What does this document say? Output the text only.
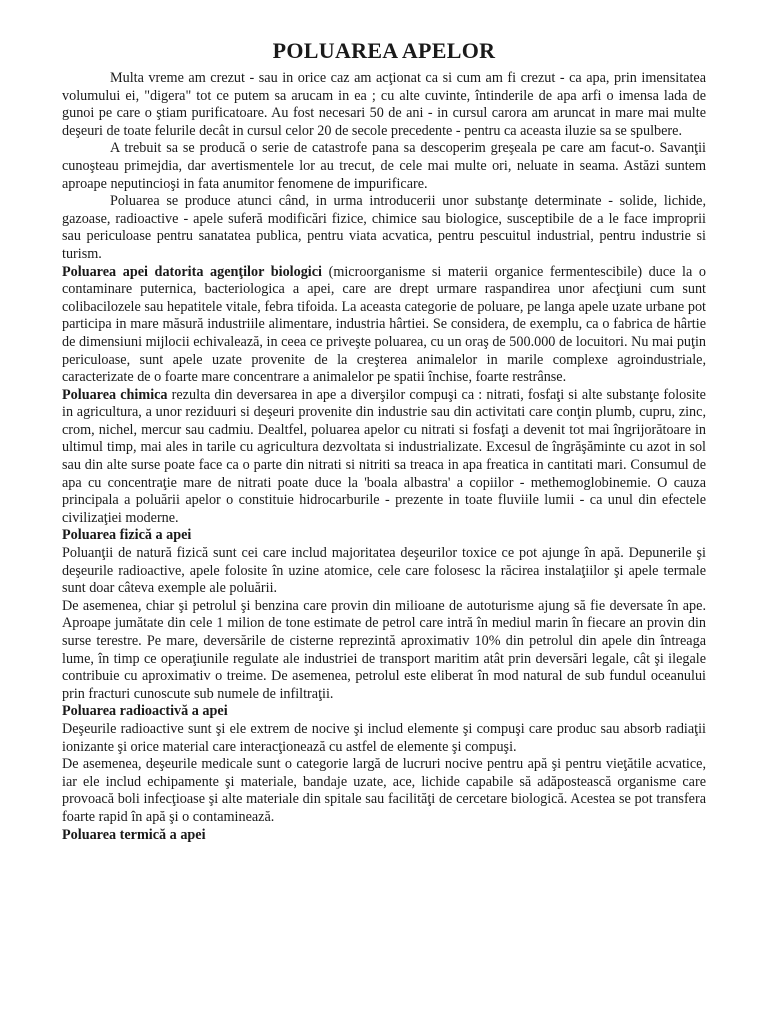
POLUAREA APELOR
Multa vreme am crezut - sau in orice caz am acţionat ca si cum am fi crezut - ca apa, prin imensitatea volumului ei, "digera" tot ce putem sa arucam in ea ; cu alte cuvinte, întinderile de apa arfi o imensa lada de gunoi pe care o ştiam purificatoare. Au fost necesari 50 de ani - in cursul carora am aruncat in mare mai multe deşeuri de toate felurile decât in cursul celor 20 de secole precedente - pentru ca aceasta iluzie sa se spulbere.
A trebuit sa se producă o serie de catastrofe pana sa descoperim greşeala pe care am facut-o. Savanţii cunoşteau primejdia, dar avertismentele lor au trecut, de cele mai multe ori, neluate in seama. Astăzi suntem aproape neputincioşi in fata anumitor fenomene de impurificare.
Poluarea se produce atunci când, in urma introducerii unor substanţe determinate - solide, lichide, gazoase, radioactive - apele suferă modificări fizice, chimice sau biologice, susceptibile de a le face improprii sau periculoase pentru sanatatea publica, pentru viata acvatica, pentru pescuitul industrial, pentru industrie si turism.
Poluarea apei datorita agenţilor biologici (microorganisme si materii organice fermentescibile) duce la o contaminare puternica, bacteriologica a apei, care are drept urmare raspandirea unor afecţiuni cum sunt colibacilozele sau hepatitele vitale, febra tifoida. La aceasta categorie de poluare, pe langa apele uzate urbane pot participa in mare măsură industriile alimentare, industria hârtiei. Se considera, de exemplu, ca o fabrica de hârtie de dimensiuni mijlocii echivalează, in ceea ce priveşte poluarea, cu un oraş de 500.000 de locuitori. Nu mai puţin periculoase, sunt apele uzate provenite de la creşterea animalelor in marile complexe agroindustriale, caracterizate de o foarte mare concentrare a animalelor pe spatii închise, foarte restrânse.
Poluarea chimica rezulta din deversarea in ape a diverşilor compuşi ca : nitrati, fosfaţi si alte substanţe folosite in agricultura, a unor reziduuri si deşeuri provenite din industrie sau din activitati care conţin plumb, cupru, zinc, crom, nichel, mercur sau cadmiu. Dealtfel, poluarea apelor cu nitrati si fosfaţi a devenit tot mai îngrijorătoare in ultimul timp, mai ales in tarile cu agricultura dezvoltata si industrializate. Excesul de îngrăşăminte cu azot in sol sau din alte surse poate face ca o parte din nitrati si nitriti sa treaca in apa freatica in cantitati mari. Consumul de apa cu concentraţie mare de nitrati poate duce la 'boala albastra' a copiilor - methemoglobinemie. O cauza principala a poluării apelor o constituie hidrocarburile - prezente in toate fluviile lumii - ca unul din efectele civilizaţiei moderne.
Poluarea fizică a apei
Poluanţii de natură fizică sunt cei care includ majoritatea deşeurilor toxice ce pot ajunge în apă. Depunerile şi deşeurile radioactive, apele folosite în uzine atomice, cele care folosesc la răcirea instalaţiilor şi apele termale sunt doar câteva exemple ale poluării.
De asemenea, chiar şi petrolul şi benzina care provin din milioane de autoturisme ajung să fie deversate în ape. Aproape jumătate din cele 1 milion de tone estimate de petrol care intră în mediul marin în fiecare an provin din surse terestre. Pe mare, deversările de cisterne reprezintă aproximativ 10% din petrolul din apele din întreaga lume, în timp ce operaţiunile regulate ale industriei de transport maritim atât prin deversări legale, cât şi ilegale contribuie cu aproximativ o treime. De asemenea, petrolul este eliberat în mod natural de sub fundul oceanului prin fracturi cunoscute sub numele de infiltraţii.
Poluarea radioactivă a apei
Deşeurile radioactive sunt şi ele extrem de nocive şi includ elemente şi compuşi care produc sau absorb radiaţii ionizante şi orice material care interacţionează cu astfel de elemente şi compuşi.
De asemenea, deşeurile medicale sunt o categorie largă de lucruri nocive pentru apă şi pentru vieţătile acvatice, iar ele includ echipamente şi materiale, bandaje uzate, ace, lichide capabile să adăpostească organisme care provoacă boli infecţioase şi alte materiale din spitale sau facilităţi de cercetare biologică. Acestea se pot transfera foarte rapid în apă şi o contaminează.
Poluarea termică a apei
